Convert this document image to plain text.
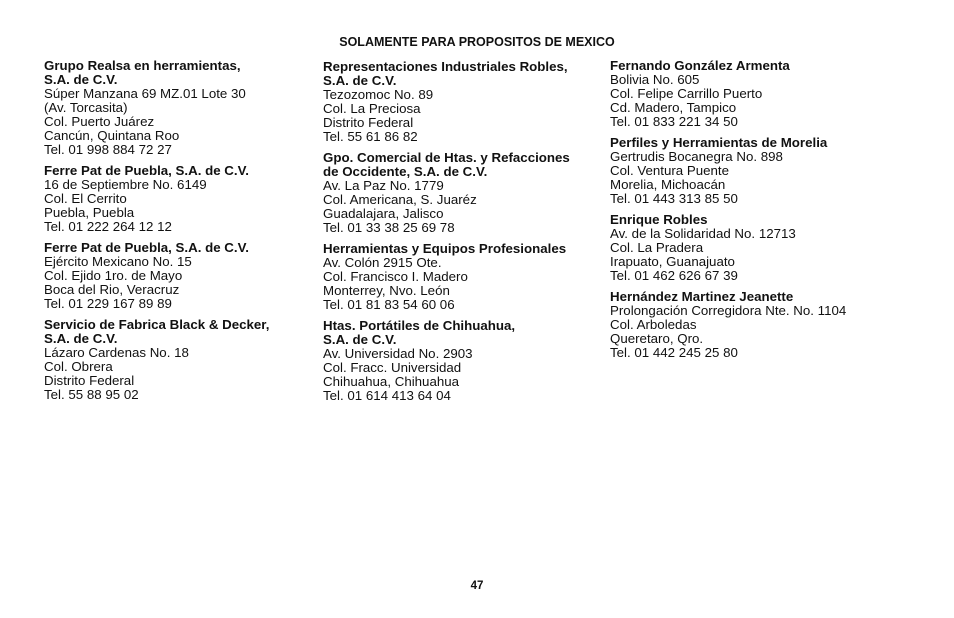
SOLAMENTE PARA PROPOSITOS DE MEXICO
Grupo Realsa en herramientas,
S.A. de C.V.
Súper Manzana 69 MZ.01 Lote 30
(Av. Torcasita)
Col. Puerto Juárez
Cancún, Quintana Roo
Tel. 01 998 884 72 27
Ferre Pat de Puebla, S.A. de C.V.
16 de Septiembre No. 6149
Col. El Cerrito
Puebla, Puebla
Tel. 01 222 264 12 12
Ferre Pat de Puebla, S.A. de C.V.
Ejército Mexicano No. 15
Col. Ejido 1ro. de Mayo
Boca del Rio, Veracruz
Tel. 01 229 167 89 89
Servicio de Fabrica Black & Decker,
S.A. de C.V.
Lázaro Cardenas No. 18
Col. Obrera
Distrito Federal
Tel. 55 88 95 02
Representaciones Industriales Robles,
S.A. de C.V.
Tezozomoc No. 89
Col. La Preciosa
Distrito Federal
Tel. 55 61 86 82
Gpo. Comercial de Htas. y Refacciones
de Occidente, S.A. de C.V.
Av. La Paz No. 1779
Col. Americana, S. Juaréz
Guadalajara, Jalisco
Tel. 01 33 38 25 69 78
Herramientas y Equipos Profesionales
Av. Colón 2915 Ote.
Col. Francisco I. Madero
Monterrey, Nvo. León
Tel. 01 81 83 54 60 06
Htas. Portátiles de Chihuahua,
S.A. de C.V.
Av. Universidad No. 2903
Col. Fracc. Universidad
Chihuahua, Chihuahua
Tel. 01 614 413 64 04
Fernando González Armenta
Bolivia No. 605
Col. Felipe Carrillo Puerto
Cd. Madero, Tampico
Tel. 01 833 221 34 50
Perfiles y Herramientas de Morelia
Gertrudis Bocanegra No. 898
Col. Ventura Puente
Morelia, Michoacán
Tel. 01 443 313 85 50
Enrique Robles
Av. de la Solidaridad No. 12713
Col. La Pradera
Irapuato, Guanajuato
Tel. 01 462 626 67 39
Hernández Martinez Jeanette
Prolongación Corregidora Nte. No. 1104
Col. Arboledas
Queretaro, Qro.
Tel. 01 442 245 25 80
47
